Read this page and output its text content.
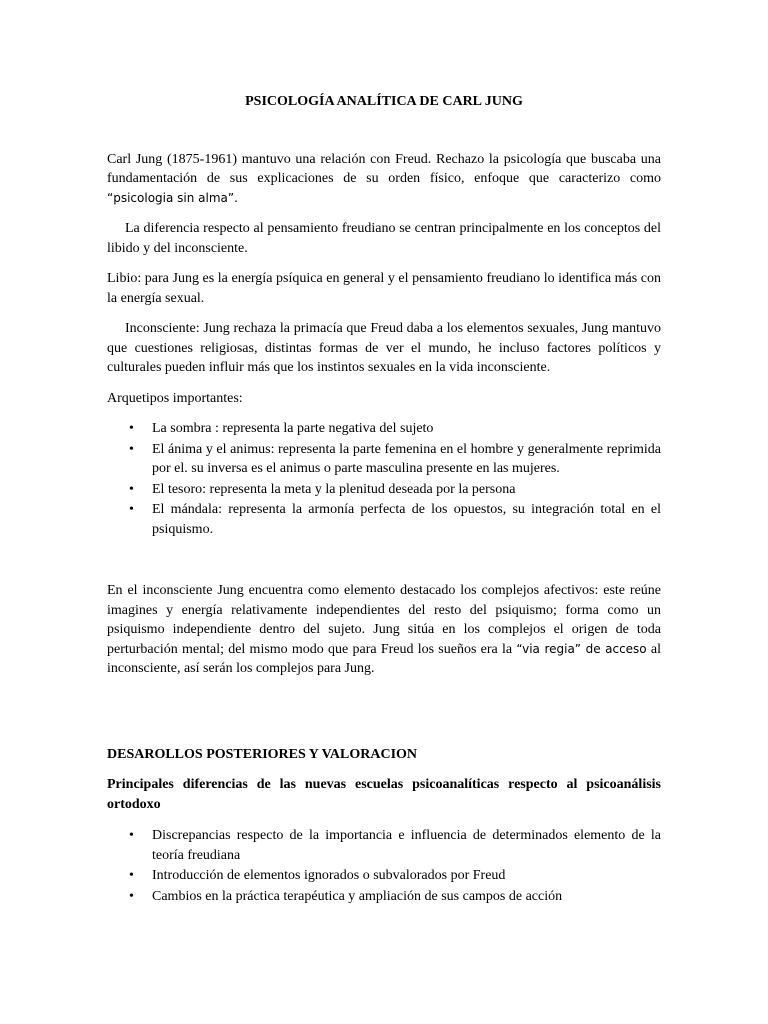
PSICOLOGÍA ANALÍTICA DE CARL JUNG

Carl Jung (1875-1961) mantuvo una relación con Freud. Rechazo la psicología que buscaba una fundamentación de sus explicaciones de su orden físico, enfoque que caracterizo como “psicologia sin alma”.

La diferencia respecto al pensamiento freudiano se centran principalmente en los conceptos del libido y del inconsciente.

Libio: para Jung es la energía psíquica en general y el pensamiento freudiano lo identifica más con la energía sexual.

Inconsciente: Jung rechaza la primacía que Freud daba a los elementos sexuales, Jung mantuvo que cuestiones religiosas, distintas formas de ver el mundo, he incluso factores políticos y culturales pueden influir más que los instintos sexuales en la vida inconsciente.

Arquetipos importantes:

• La sombra : representa la parte negativa del sujeto
• El ánima y el animus: representa la parte femenina en el hombre y generalmente reprimida por el. su inversa es el animus o parte masculina presente en las mujeres.
• El tesoro: representa la meta y la plenitud deseada por la persona
• El mándala: representa la armonía perfecta de los opuestos, su integración total en el psiquismo.

En el inconsciente Jung encuentra como elemento destacado los complejos afectivos: este reúne imagines y energía relativamente independientes del resto del psiquismo; forma como un psiquismo independiente dentro del sujeto. Jung sitúa en los complejos el origen de toda perturbación mental; del mismo modo que para Freud los sueños era la “via regia” de acceso al inconsciente, así serán los complejos para Jung.

DESAROLLOS POSTERIORES Y VALORACION
Principales diferencias de las nuevas escuelas psicoanalíticas respecto al psicoanálisis ortodoxo
• Discrepancias respecto de la importancia e influencia de determinados elemento de la teoría freudiana
• Introducción de elementos ignorados o subvalorados por Freud
• Cambios en la práctica terapéutica y ampliación de sus campos de acción
